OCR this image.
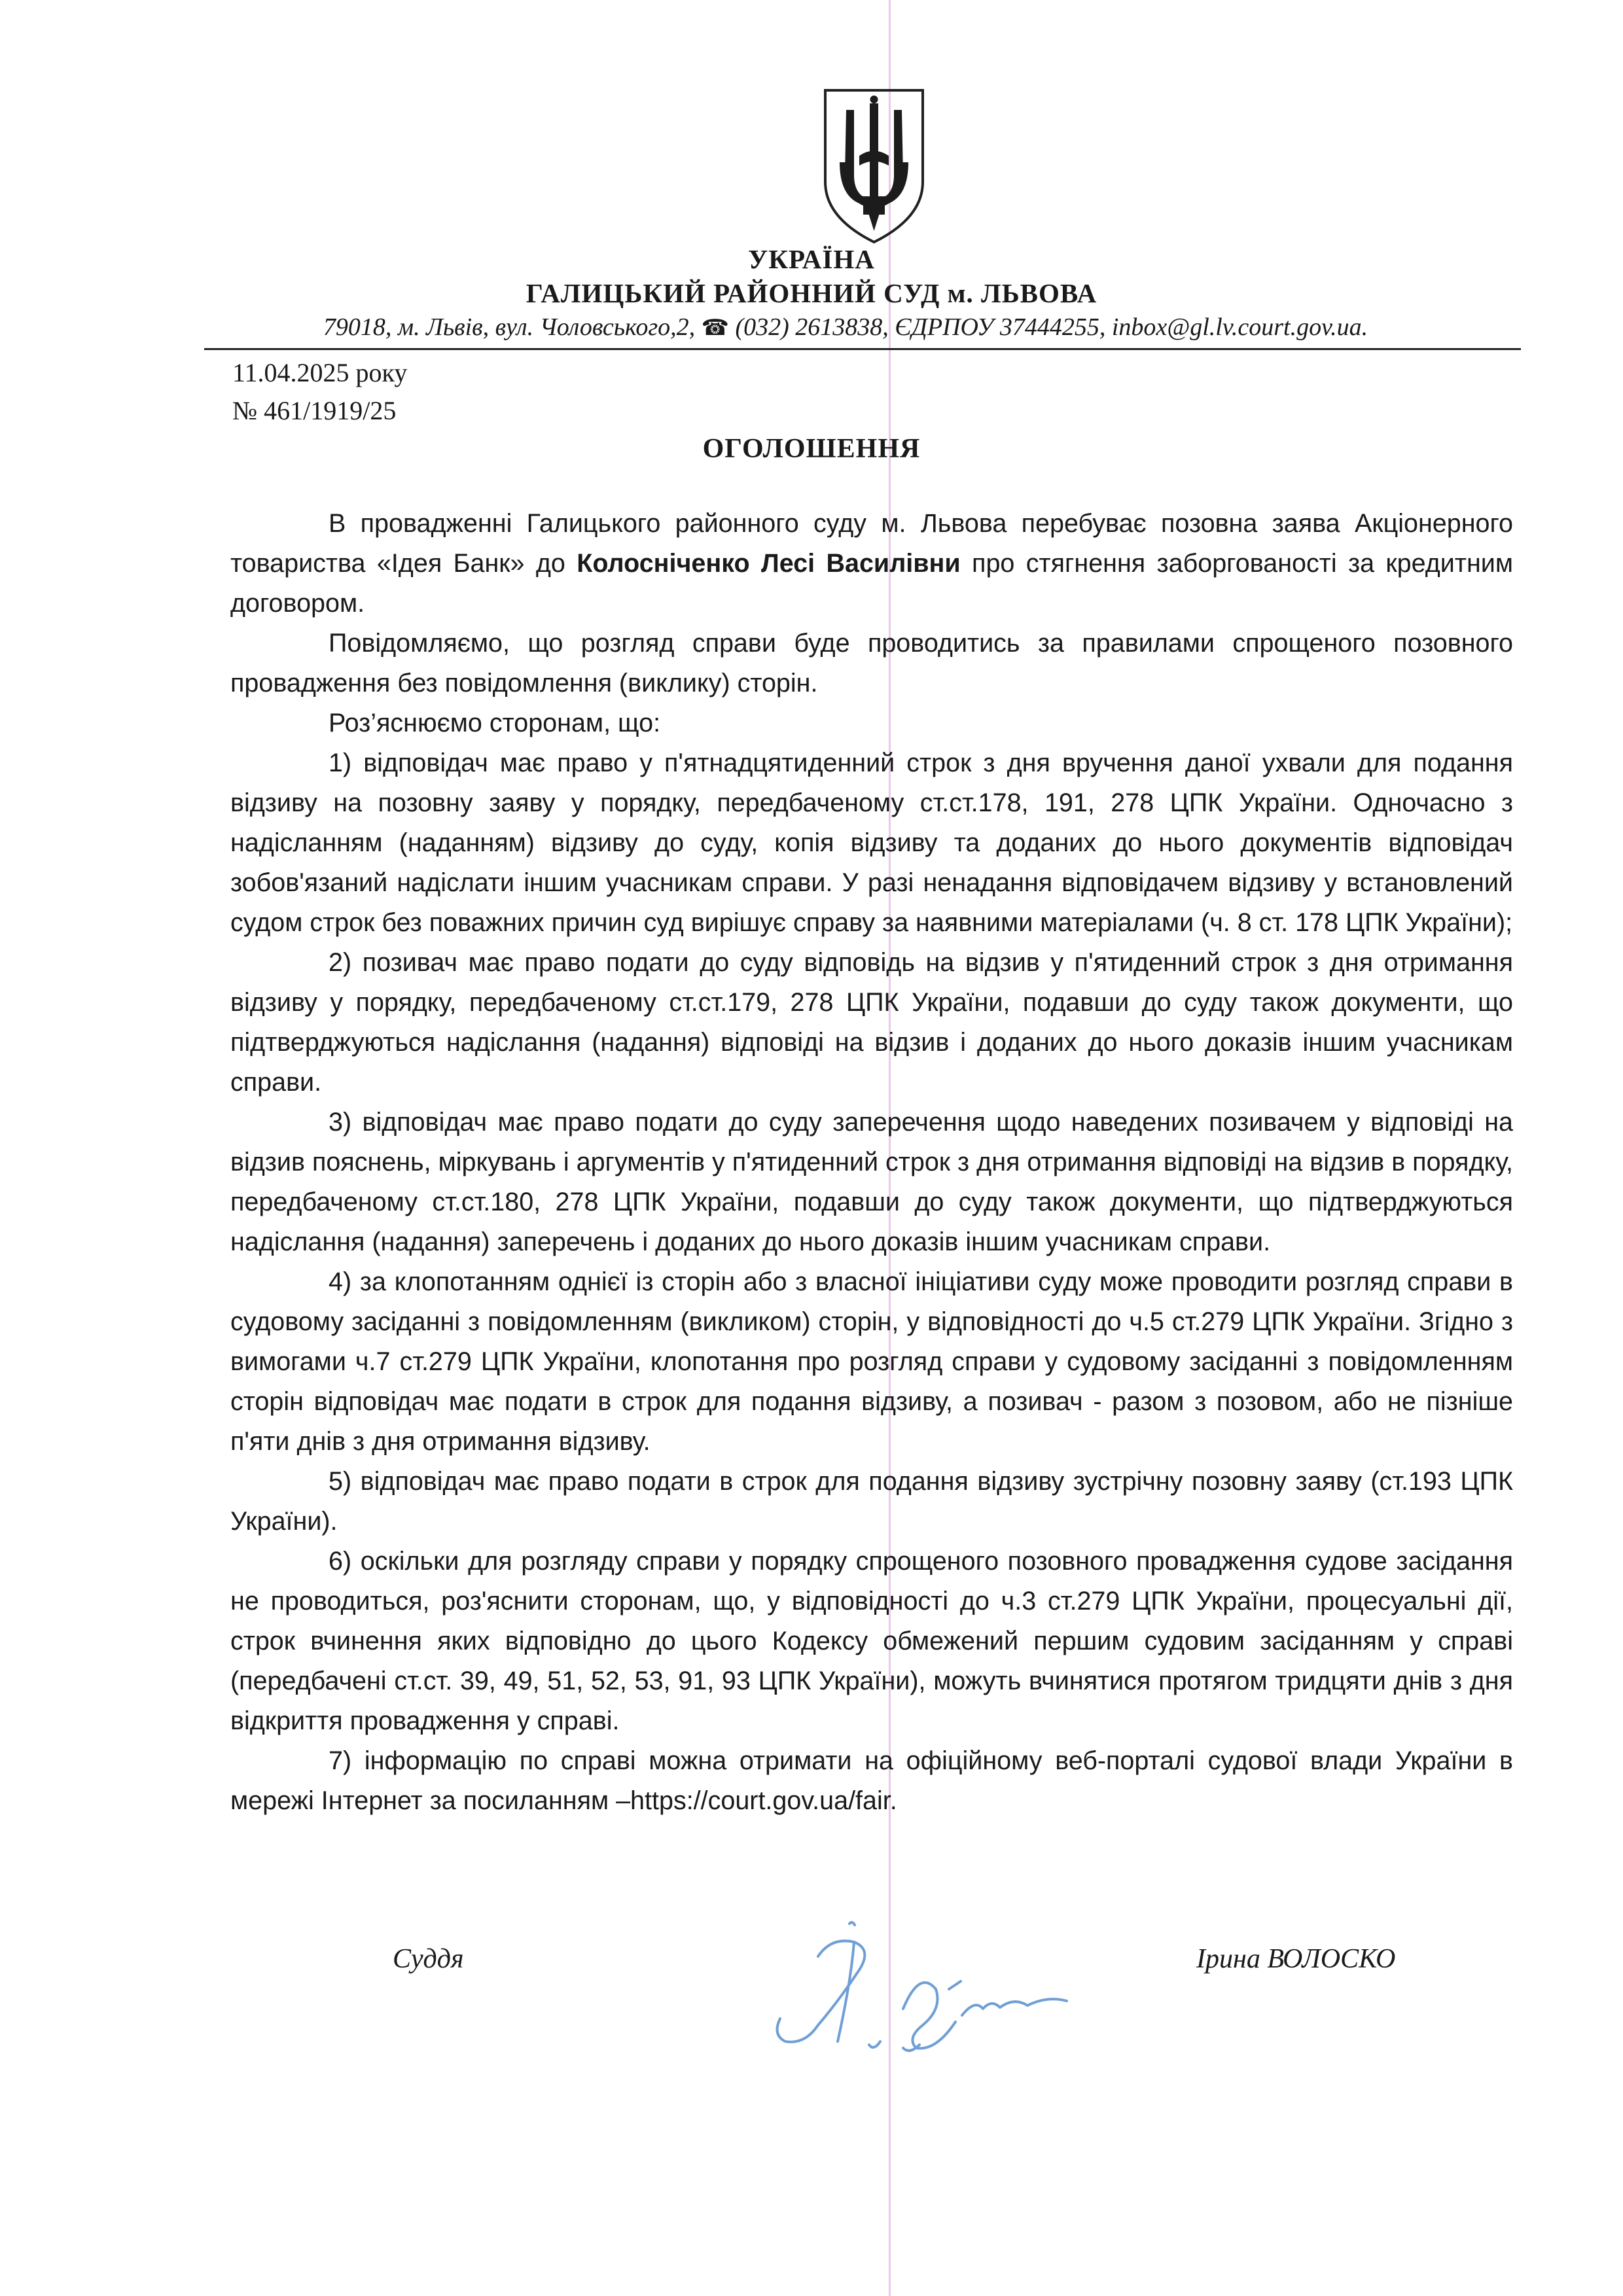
УКРАЇНА
ГАЛИЦЬКИЙ РАЙОННИЙ СУД м. ЛЬВОВА
79018, м. Львів, вул. Чоловського,2, ☎ (032) 2613838, ЄДРПОУ 37444255, inbox@gl.lv.court.gov.ua.
11.04.2025 року
№ 461/1919/25
ОГОЛОШЕННЯ

В провадженні Галицького районного суду м. Львова перебуває позовна заява Акціонерного товариства «Ідея Банк» до Колосніченко Лесі Василівни про стягнення заборгованості за кредитним договором.

Повідомляємо, що розгляд справи буде проводитись за правилами спрощеного позовного провадження без повідомлення (виклику) сторін.

Роз’яснюємо сторонам, що:

1) відповідач має право у п'ятнадцятиденний строк з дня вручення даної ухвали для подання відзиву на позовну заяву у порядку, передбаченому ст.ст.178, 191, 278 ЦПК України. Одночасно з надісланням (наданням) відзиву до суду, копія відзиву та доданих до нього документів відповідач зобов'язаний надіслати іншим учасникам справи. У разі ненадання відповідачем відзиву у встановлений судом строк без поважних причин суд вирішує справу за наявними матеріалами (ч. 8 ст. 178 ЦПК України);

2) позивач має право подати до суду відповідь на відзив у п'ятиденний строк з дня отримання відзиву у порядку, передбаченому ст.ст.179, 278 ЦПК України, подавши до суду також документи, що підтверджуються надіслання (надання) відповіді на відзив і доданих до нього доказів іншим учасникам справи.

3) відповідач має право подати до суду заперечення щодо наведених позивачем у відповіді на відзив пояснень, міркувань і аргументів у п'ятиденний строк з дня отримання відповіді на відзив в порядку, передбаченому ст.ст.180, 278 ЦПК України, подавши до суду також документи, що підтверджуються надіслання (надання) заперечень і доданих до нього доказів іншим учасникам справи.

4) за клопотанням однієї із сторін або з власної ініціативи суду може проводити розгляд справи в судовому засіданні з повідомленням (викликом) сторін, у відповідності до ч.5 ст.279 ЦПК України. Згідно з вимогами ч.7 ст.279 ЦПК України, клопотання про розгляд справи у судовому засіданні з повідомленням сторін відповідач має подати в строк для подання відзиву, а позивач - разом з позовом, або не пізніше п'яти днів з дня отримання відзиву.

5) відповідач має право подати в строк для подання відзиву зустрічну позовну заяву (ст.193 ЦПК України).

6) оскільки для розгляду справи у порядку спрощеного позовного провадження судове засідання не проводиться, роз'яснити сторонам, що, у відповідності до ч.3 ст.279 ЦПК України, процесуальні дії, строк вчинення яких відповідно до цього Кодексу обмежений першим судовим засіданням у справі (передбачені ст.ст. 39, 49, 51, 52, 53, 91, 93 ЦПК України), можуть вчинятися протягом тридцяти днів з дня відкриття провадження у справі.

7) інформацію по справі можна отримати на офіційному веб-порталі судової влади України в мережі Інтернет за посиланням –https://court.gov.ua/fair.

Суддя	Ірина ВОЛОСКО
